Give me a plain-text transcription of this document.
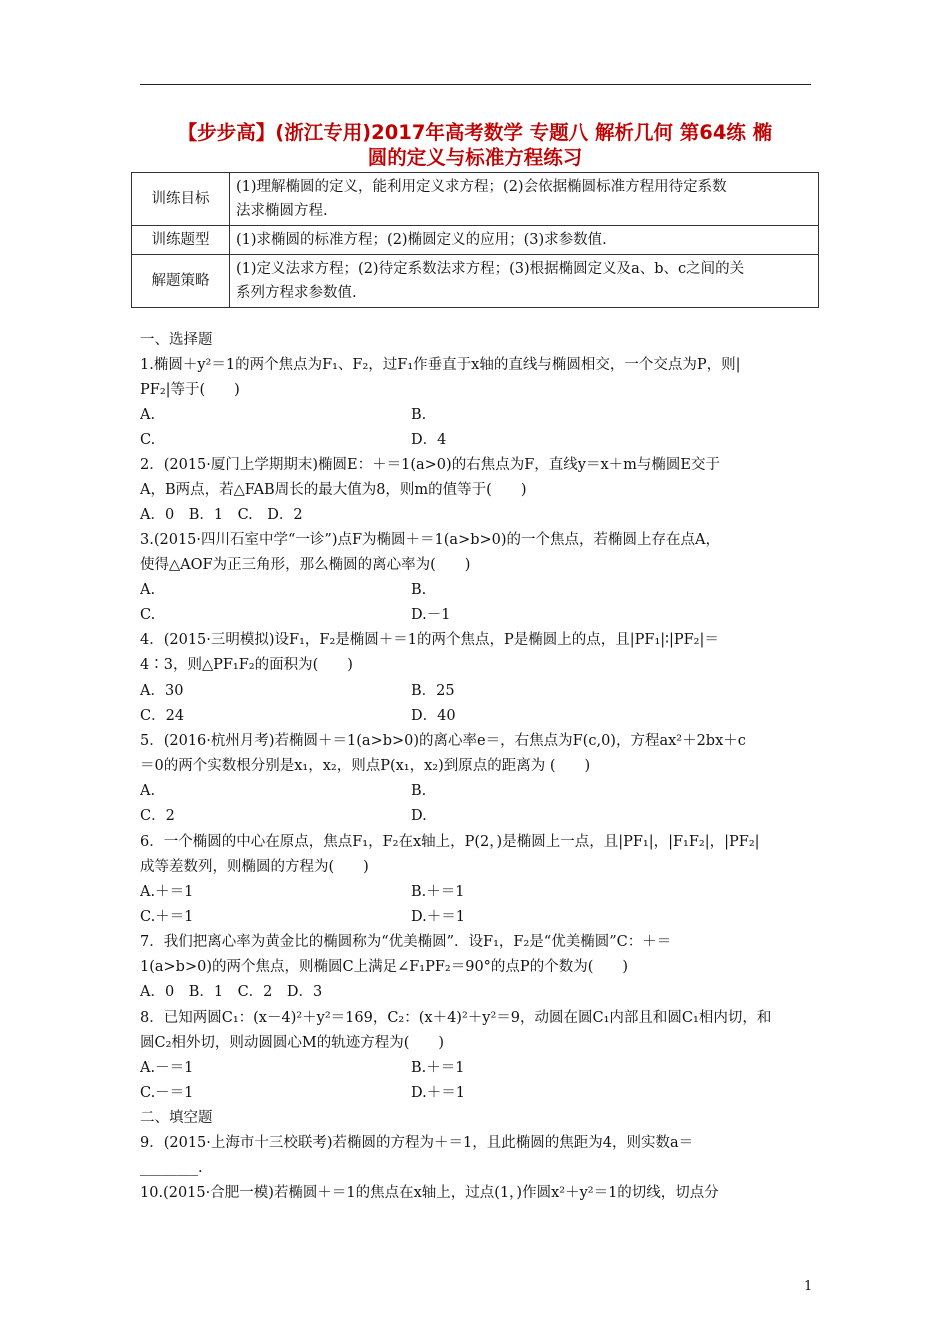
【步步高】(浙江专用)2017年高考数学 专题八 解析几何 第64练 椭
圆的定义与标准方程练习
训练目标	(1)理解椭圆的定义，能利用定义求方程；(2)会依据椭圆标准方程用待定系数
法求椭圆方程.

训练题型	(1)求椭圆的标准方程；(2)椭圆定义的应用；(3)求参数值.

解题策略	(1)定义法求方程；(2)待定系数法求方程；(3)根据椭圆定义及a、b、c之间的关
系列方程求参数值.
一、选择题
1.椭圆＋y²＝1的两个焦点为F₁、F₂，过F₁作垂直于x轴的直线与椭圆相交，一个交点为P，则|
PF₂|等于(　　)
A.	B.
C.	D．4
2．(2015·厦门上学期期末)椭圆E：＋＝1(a>0)的右焦点为F，直线y＝x＋m与椭圆E交于
A，B两点，若△FAB周长的最大值为8，则m的值等于(　　)
A．0　B．1　C.　D．2
3.(2015·四川石室中学“一诊”)点F为椭圆＋＝1(a>b>0)的一个焦点，若椭圆上存在点A，
使得△AOF为正三角形，那么椭圆的离心率为(　　)
A.	B.
C.	D.－1
4．(2015·三明模拟)设F₁，F₂是椭圆＋＝1的两个焦点，P是椭圆上的点，且|PF₁|∶|PF₂|＝
4∶3，则△PF₁F₂的面积为(　　)
A．30	B．25
C．24	D．40
5．(2016·杭州月考)若椭圆＋＝1(a>b>0)的离心率e＝，右焦点为F(c,0)，方程ax²＋2bx＋c
＝0的两个实数根分别是x₁，x₂，则点P(x₁，x₂)到原点的距离为 (　　)
A.	B.
C．2	D.
6．一个椭圆的中心在原点，焦点F₁，F₂在x轴上，P(2，)是椭圆上一点，且|PF₁|，|F₁F₂|，|PF₂|
成等差数列，则椭圆的方程为(　　)
A.＋＝1	B.＋＝1
C.＋＝1	D.＋＝1
7．我们把离心率为黄金比的椭圆称为“优美椭圆”．设F₁，F₂是“优美椭圆”C：＋＝
1(a>b>0)的两个焦点，则椭圆C上满足∠F₁PF₂＝90°的点P的个数为(　　)
A．0　B．1　C．2　D．3
8．已知两圆C₁：(x－4)²＋y²＝169，C₂：(x＋4)²＋y²＝9，动圆在圆C₁内部且和圆C₁相内切，和
圆C₂相外切，则动圆圆心M的轨迹方程为(　　)
A.－＝1	B.＋＝1
C.－＝1	D.＋＝1
二、填空题
9．(2015·上海市十三校联考)若椭圆的方程为＋＝1，且此椭圆的焦距为4，则实数a＝
________.
10.(2015·合肥一模)若椭圆＋＝1的焦点在x轴上，过点(1，)作圆x²＋y²＝1的切线，切点分
1
